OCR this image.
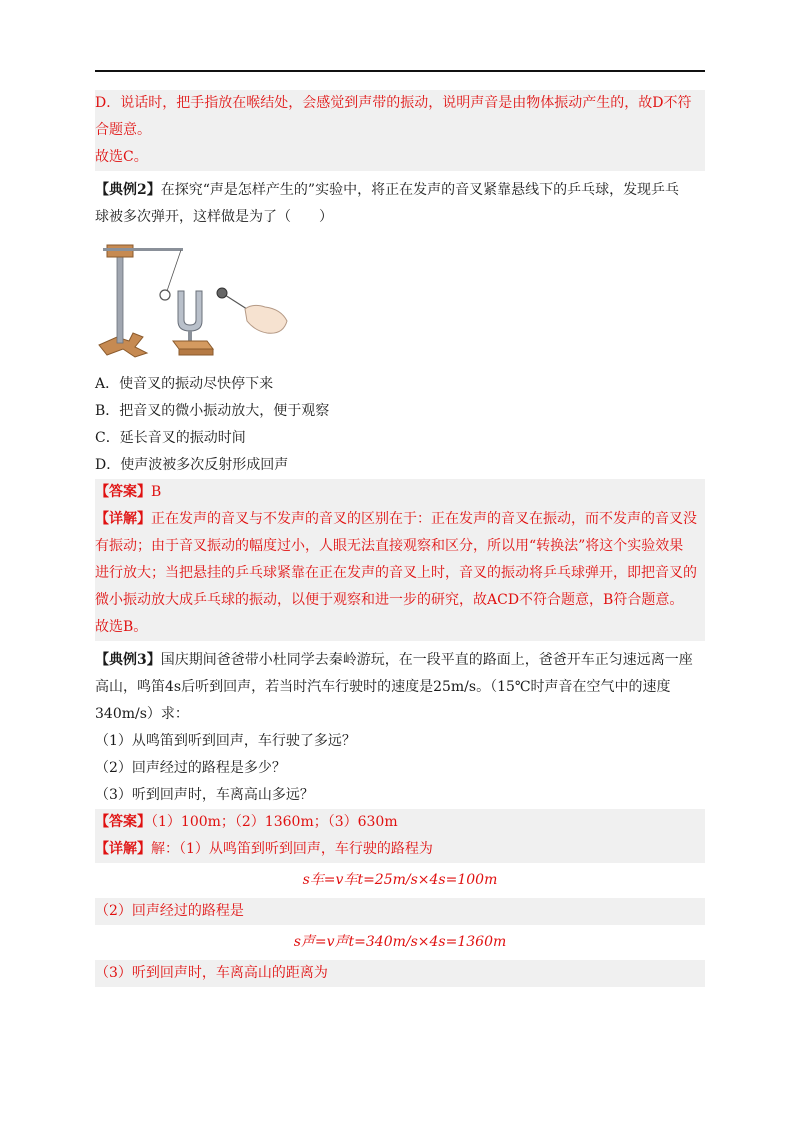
D．说话时，把手指放在喉结处，会感觉到声带的振动，说明声音是由物体振动产生的，故D不符
合题意。
故选C。
【典例2】在探究“声是怎样产生的”实验中，将正在发声的音叉紧靠悬线下的乒乓球，发现乒乓
球被多次弹开，这样做是为了（　　）
A．使音叉的振动尽快停下来
B．把音叉的微小振动放大，便于观察
C．延长音叉的振动时间
D．使声波被多次反射形成回声
【答案】B
【详解】正在发声的音叉与不发声的音叉的区别在于：正在发声的音叉在振动，而不发声的音叉没
有振动；由于音叉振动的幅度过小，人眼无法直接观察和区分，所以用“转换法”将这个实验效果
进行放大；当把悬挂的乒乓球紧靠在正在发声的音叉上时，音叉的振动将乒乓球弹开，即把音叉的
微小振动放大成乒乓球的振动，以便于观察和进一步的研究，故ACD不符合题意，B符合题意。
故选B。
【典例3】国庆期间爸爸带小杜同学去秦岭游玩，在一段平直的路面上，爸爸开车正匀速远离一座
高山，鸣笛4s后听到回声，若当时汽车行驶时的速度是25m/s。（15℃时声音在空气中的速度
340m/s）求：
（1）从鸣笛到听到回声，车行驶了多远？
（2）回声经过的路程是多少？
（3）听到回声时，车离高山多远？
【答案】（1）100m；（2）1360m；（3）630m
【详解】解：（1）从鸣笛到听到回声，车行驶的路程为
s车=v车t=25m/s×4s=100m
（2）回声经过的路程是
s声=v声t=340m/s×4s=1360m
（3）听到回声时，车离高山的距离为
